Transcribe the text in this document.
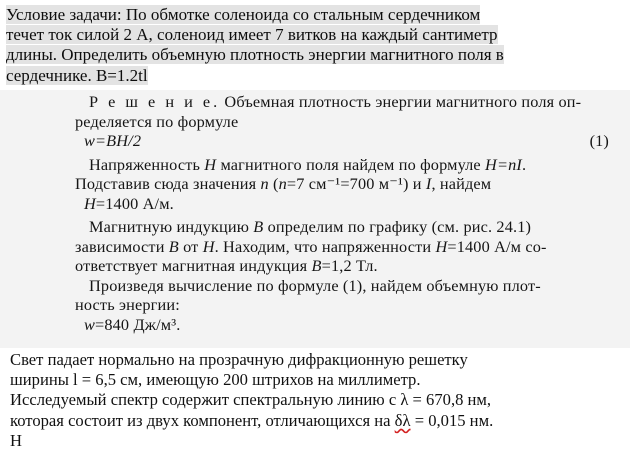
Условие задачи: По обмотке соленоида со стальным сердечником
течет ток силой 2 А, соленоид имеет 7 витков на каждый сантиметр
длины. Определить объемную плотность энергии магнитного поля в
сердечнике. B=1.2tl

Р е ш е н и е. Объемная плотность энергии магнитного поля оп-
ределяется по формуле

w=BH/2	(1)

Напряженность H магнитного поля найдем по формуле H=nI.
Подставив сюда значения n (n=7 см⁻¹=700 м⁻¹) и I, найдем

H=1400 А/м.

Магнитную индукцию B определим по графику (см. рис. 24.1)
зависимости B от H. Находим, что напряженности H=1400 А/м со-
ответствует магнитная индукция B=1,2 Тл.

Произведя вычисление по формуле (1), найдем объемную плот-
ность энергии:

w=840 Дж/м³.

Свет падает нормально на прозрачную дифракционную решетку

ширины l = 6,5 см, имеющую 200 штрихов на миллиметр.

Исследуемый спектр содержит спектральную линию с λ = 670,8 нм,

которая состоит из двух компонент, отличающихся на δλ = 0,015 нм.

Н
